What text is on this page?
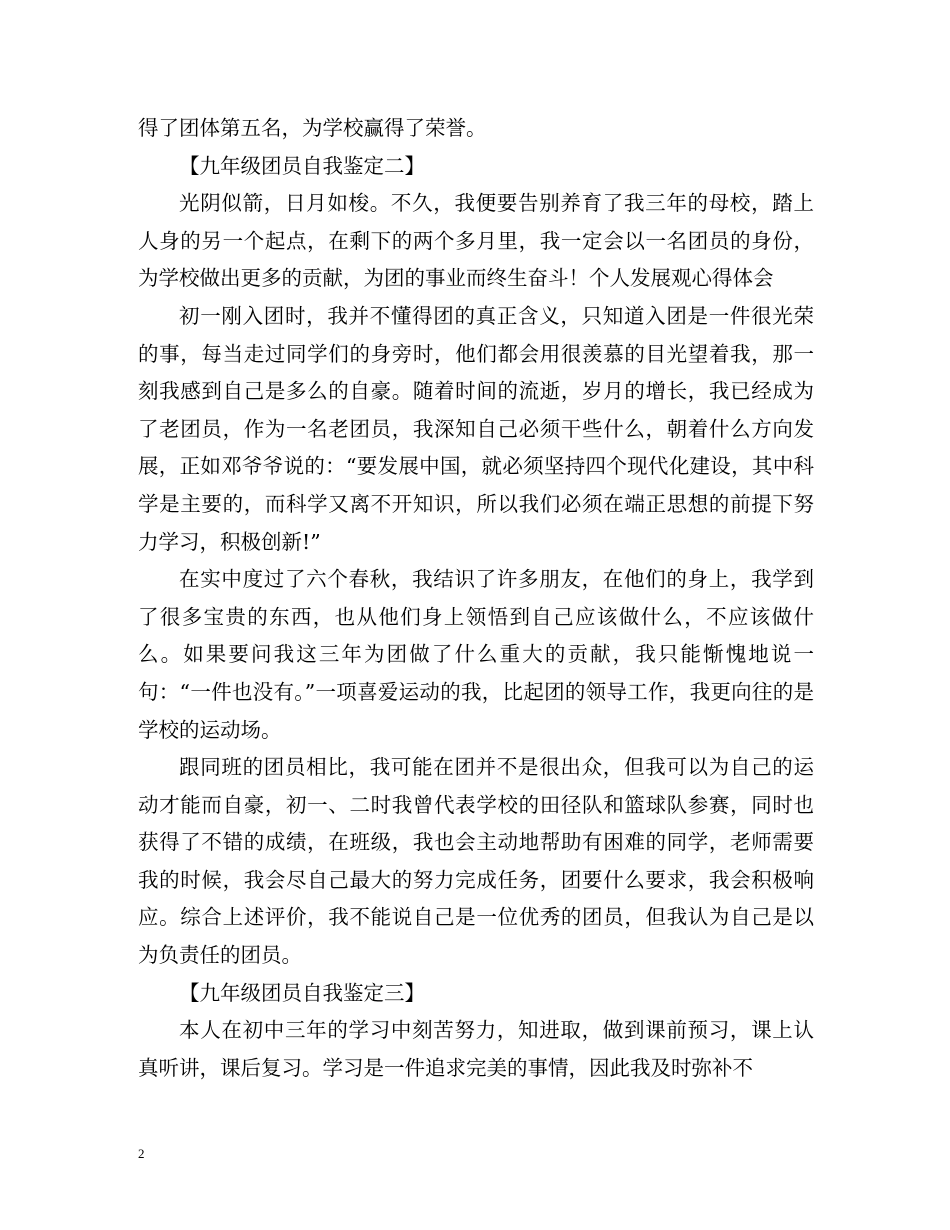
得了团体第五名，为学校赢得了荣誉。

【九年级团员自我鉴定二】

光阴似箭，日月如梭。不久，我便要告别养育了我三年的母校，踏上人身的另一个起点，在剩下的两个多月里，我一定会以一名团员的身份，为学校做出更多的贡献，为团的事业而终生奋斗！个人发展观心得体会

初一刚入团时，我并不懂得团的真正含义，只知道入团是一件很光荣的事，每当走过同学们的身旁时，他们都会用很羡慕的目光望着我，那一刻我感到自己是多么的自豪。随着时间的流逝，岁月的增长，我已经成为了老团员，作为一名老团员，我深知自己必须干些什么，朝着什么方向发展，正如邓爷爷说的：“要发展中国，就必须坚持四个现代化建设，其中科学是主要的，而科学又离不开知识，所以我们必须在端正思想的前提下努力学习，积极创新!”

在实中度过了六个春秋，我结识了许多朋友，在他们的身上，我学到了很多宝贵的东西，也从他们身上领悟到自己应该做什么，不应该做什么。如果要问我这三年为团做了什么重大的贡献，我只能惭愧地说一句：“一件也没有。”一项喜爱运动的我，比起团的领导工作，我更向往的是学校的运动场。

跟同班的团员相比，我可能在团并不是很出众，但我可以为自己的运动才能而自豪，初一、二时我曾代表学校的田径队和篮球队参赛，同时也获得了不错的成绩，在班级，我也会主动地帮助有困难的同学，老师需要我的时候，我会尽自己最大的努力完成任务，团要什么要求，我会积极响应。综合上述评价，我不能说自己是一位优秀的团员，但我认为自己是以为负责任的团员。

【九年级团员自我鉴定三】

本人在初中三年的学习中刻苦努力，知进取，做到课前预习，课上认真听讲，课后复习。学习是一件追求完美的事情，因此我及时弥补不

2
